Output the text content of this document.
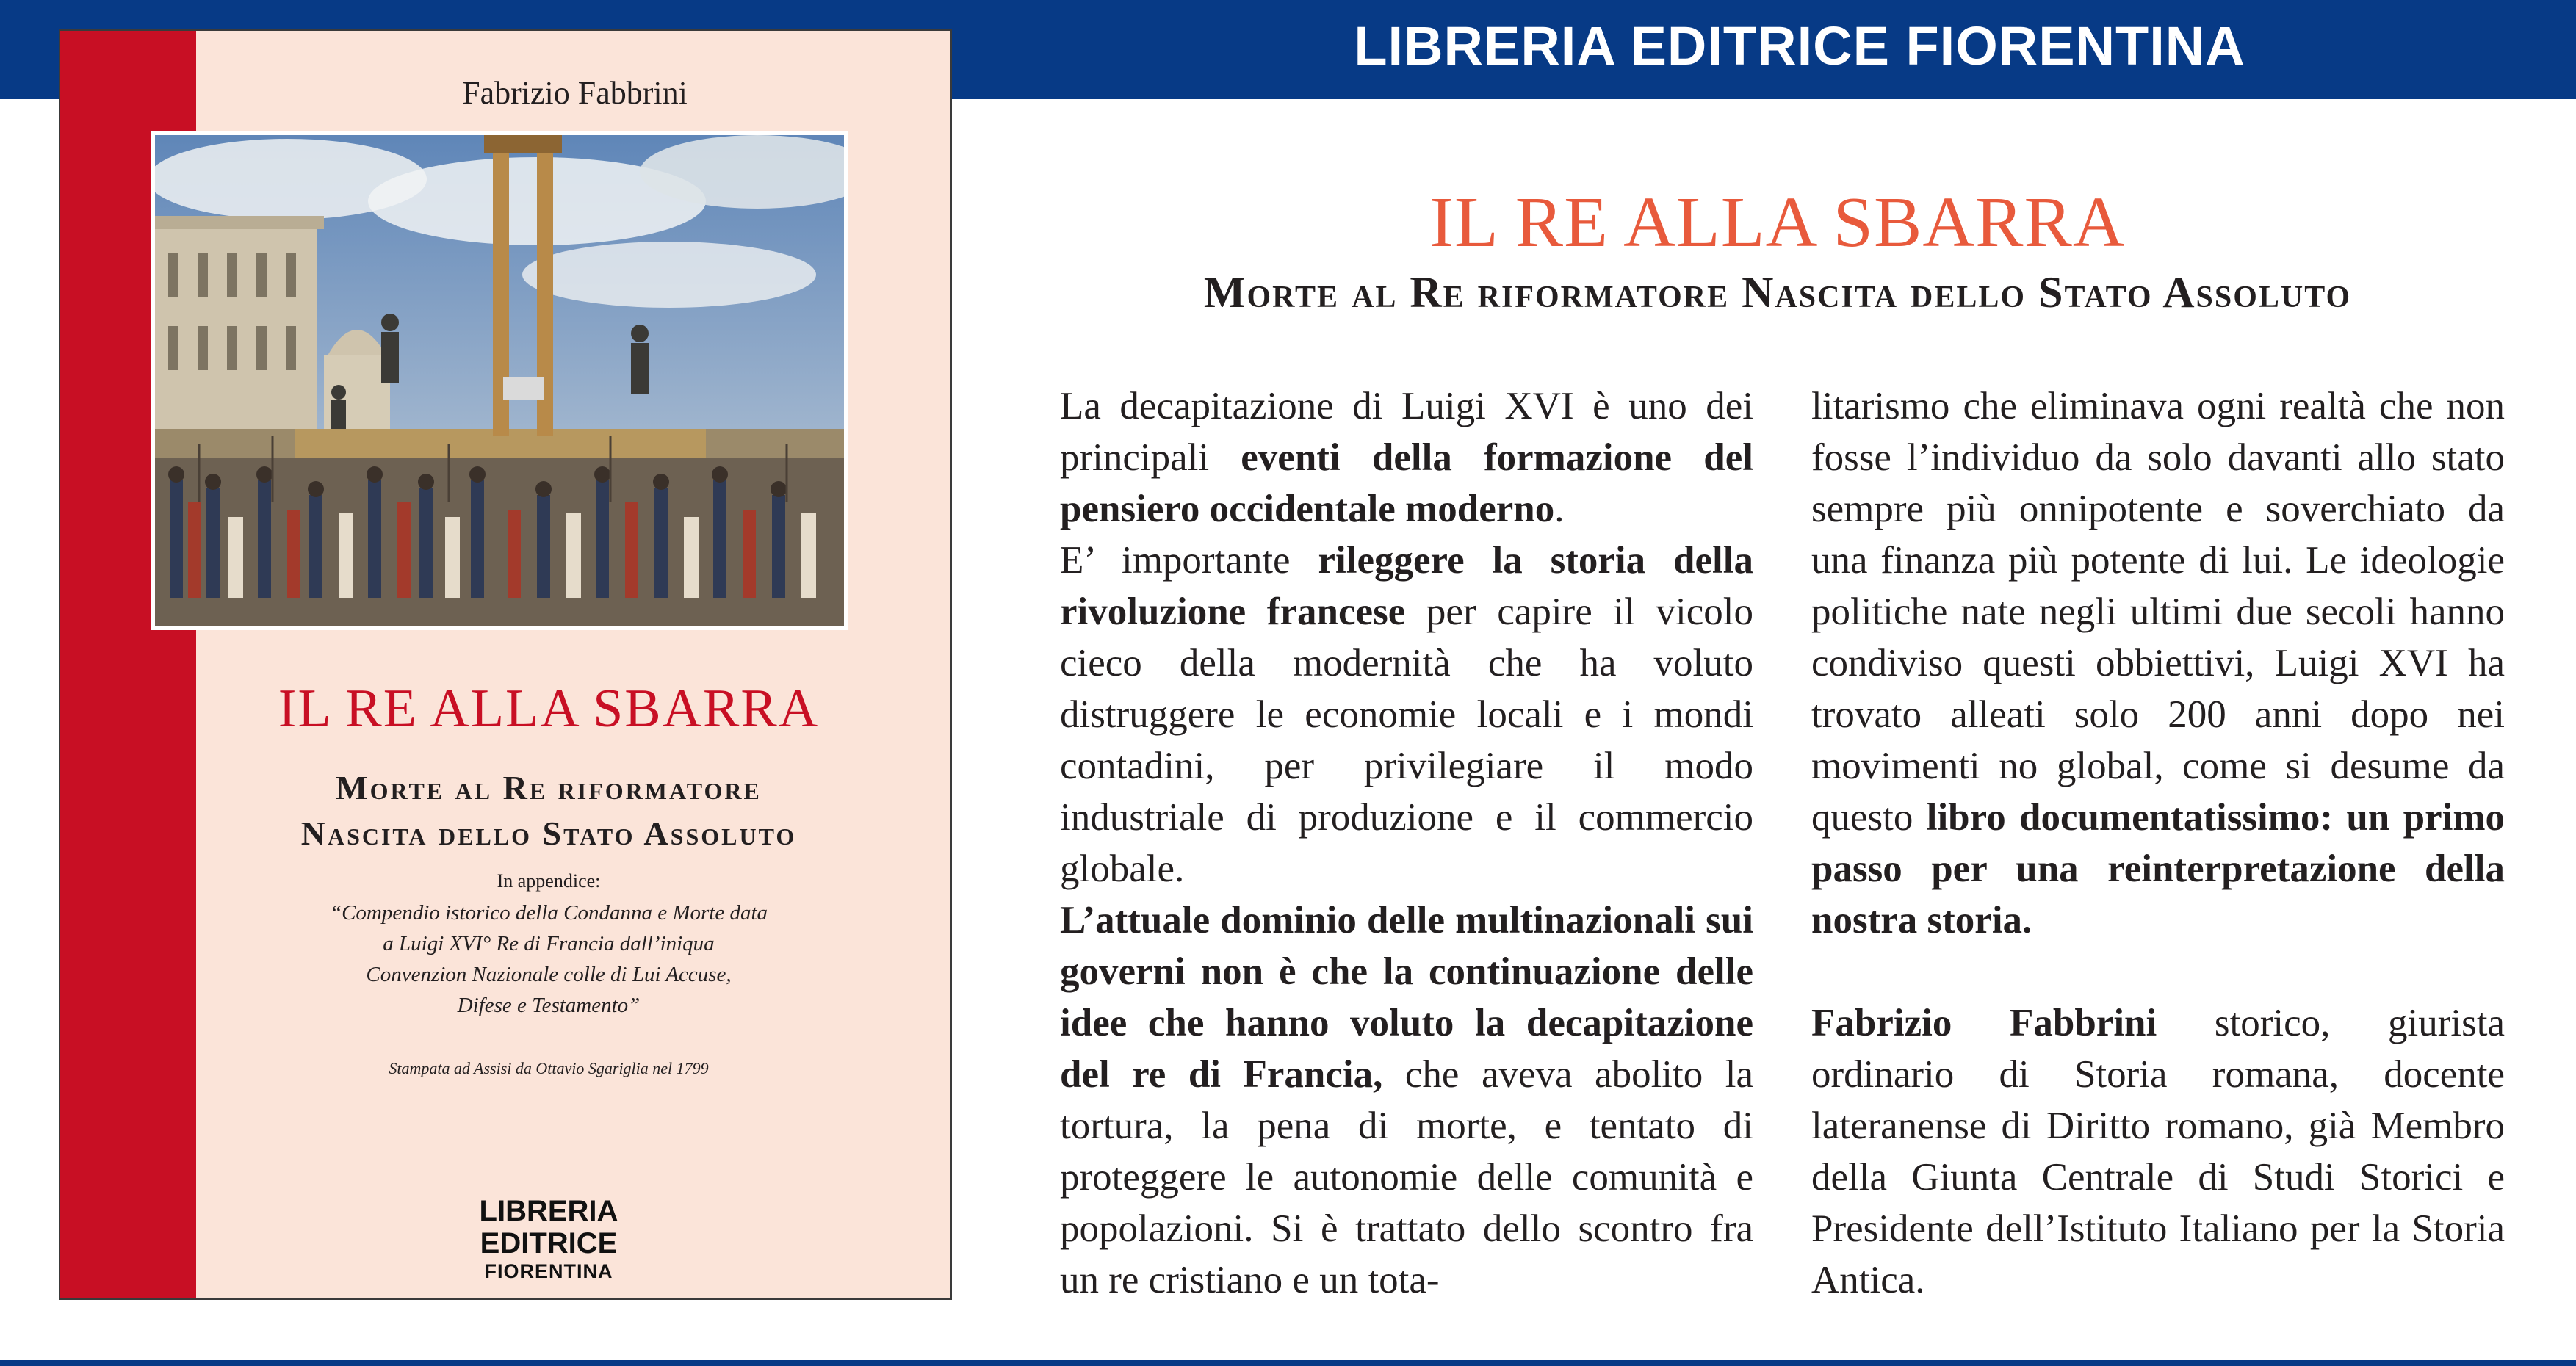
LIBRERIA EDITRICE FIORENTINA
Fabrizio Fabbrini
IL RE ALLA SBARRA
Morte al Re riformatore
Nascita dello Stato Assoluto
In appendice:
“Compendio istorico della Condanna e Morte data
a Luigi XVI° Re di Francia dall’iniqua
Convenzion Nazionale colle di Lui Accuse,
Difese e Testamento”
Stampata ad Assisi da Ottavio Sgariglia nel 1799
LIBRERIA
EDITRICE
FIORENTINA
IL RE ALLA SBARRA
Morte al Re riformatore Nascita dello Stato Assoluto

La decapitazione di Luigi XVI è uno dei principali eventi della formazione del pensiero occidentale moderno.

E’ importante rileggere la storia della rivoluzione francese per capire il vicolo cieco della modernità che ha voluto distruggere le economie locali e i mondi contadini, per privilegiare il modo industriale di produzione e il commercio globale.

L’attuale dominio delle multinazionali sui governi non è che la continuazione delle idee che hanno voluto la decapitazione del re di Francia, che aveva abolito la tortura, la pena di morte, e tentato di proteggere le autonomie delle comunità e popolazioni. Si è trattato dello scontro fra un re cristiano e un tota-

litarismo che eliminava ogni realtà che non fosse l’individuo da solo davanti allo stato sempre più onnipotente e soverchiato da una finanza più potente di lui. Le ideologie politiche nate negli ultimi due secoli hanno condiviso questi obbiettivi, Luigi XVI ha trovato alleati solo 200 anni dopo nei movimenti no global, come si desume da questo libro documentatissimo: un primo passo per una reinterpretazione della nostra storia.

Fabrizio Fabbrini storico, giurista ordinario di Storia romana, docente lateranense di Diritto romano, già Membro della Giunta Centrale di Studi Storici e Presidente dell’Istituto Italiano per la Storia Antica.
